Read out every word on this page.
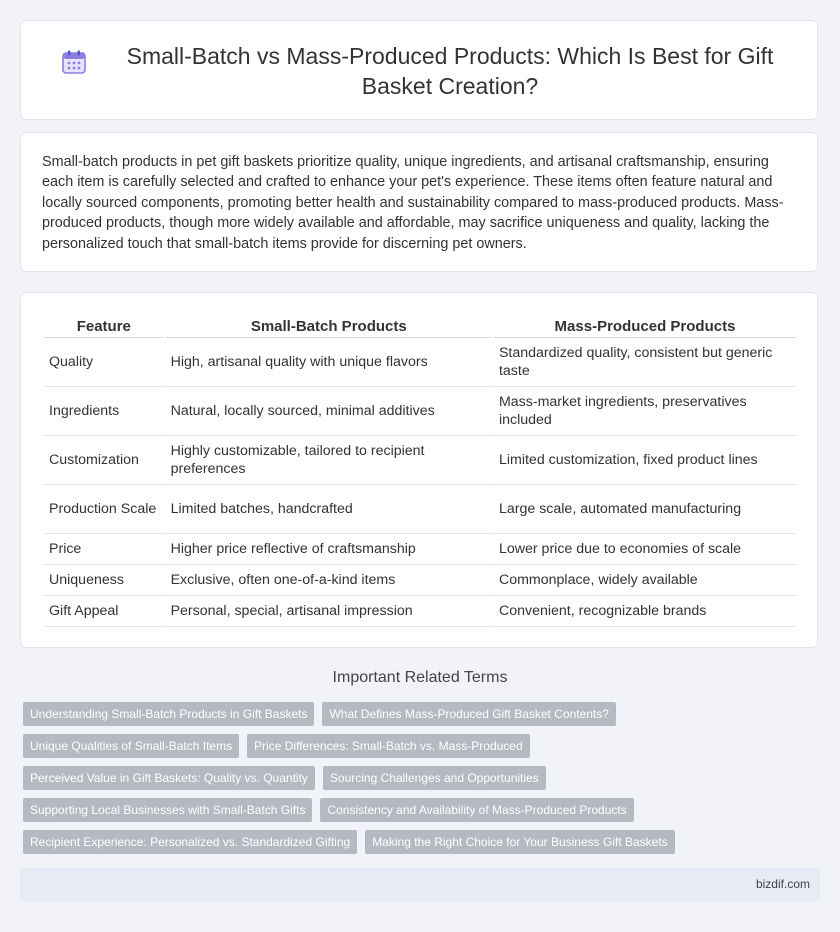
Small-Batch vs Mass-Produced Products: Which Is Best for Gift Basket Creation?

Small-batch products in pet gift baskets prioritize quality, unique ingredients, and artisanal craftsmanship, ensuring each item is carefully selected and crafted to enhance your pet's experience. These items often feature natural and locally sourced components, promoting better health and sustainability compared to mass-produced products. Mass-produced products, though more widely available and affordable, may sacrifice uniqueness and quality, lacking the personalized touch that small-batch items provide for discerning pet owners.

Feature	Small-Batch Products	Mass-Produced Products
Quality	High, artisanal quality with unique flavors	Standardized quality, consistent but generic taste
Ingredients	Natural, locally sourced, minimal additives	Mass-market ingredients, preservatives included
Customization	Highly customizable, tailored to recipient preferences	Limited customization, fixed product lines
Production Scale	Limited batches, handcrafted	Large scale, automated manufacturing
Price	Higher price reflective of craftsmanship	Lower price due to economies of scale
Uniqueness	Exclusive, often one-of-a-kind items	Commonplace, widely available
Gift Appeal	Personal, special, artisanal impression	Convenient, recognizable brands
Important Related Terms
Understanding Small-Batch Products in Gift Baskets	What Defines Mass-Produced Gift Basket Contents?
Unique Qualities of Small-Batch Items	Price Differences: Small-Batch vs. Mass-Produced
Perceived Value in Gift Baskets: Quality vs. Quantity	Sourcing Challenges and Opportunities
Supporting Local Businesses with Small-Batch Gifts	Consistency and Availability of Mass-Produced Products
Recipient Experience: Personalized vs. Standardized Gifting	Making the Right Choice for Your Business Gift Baskets
bizdif.com
